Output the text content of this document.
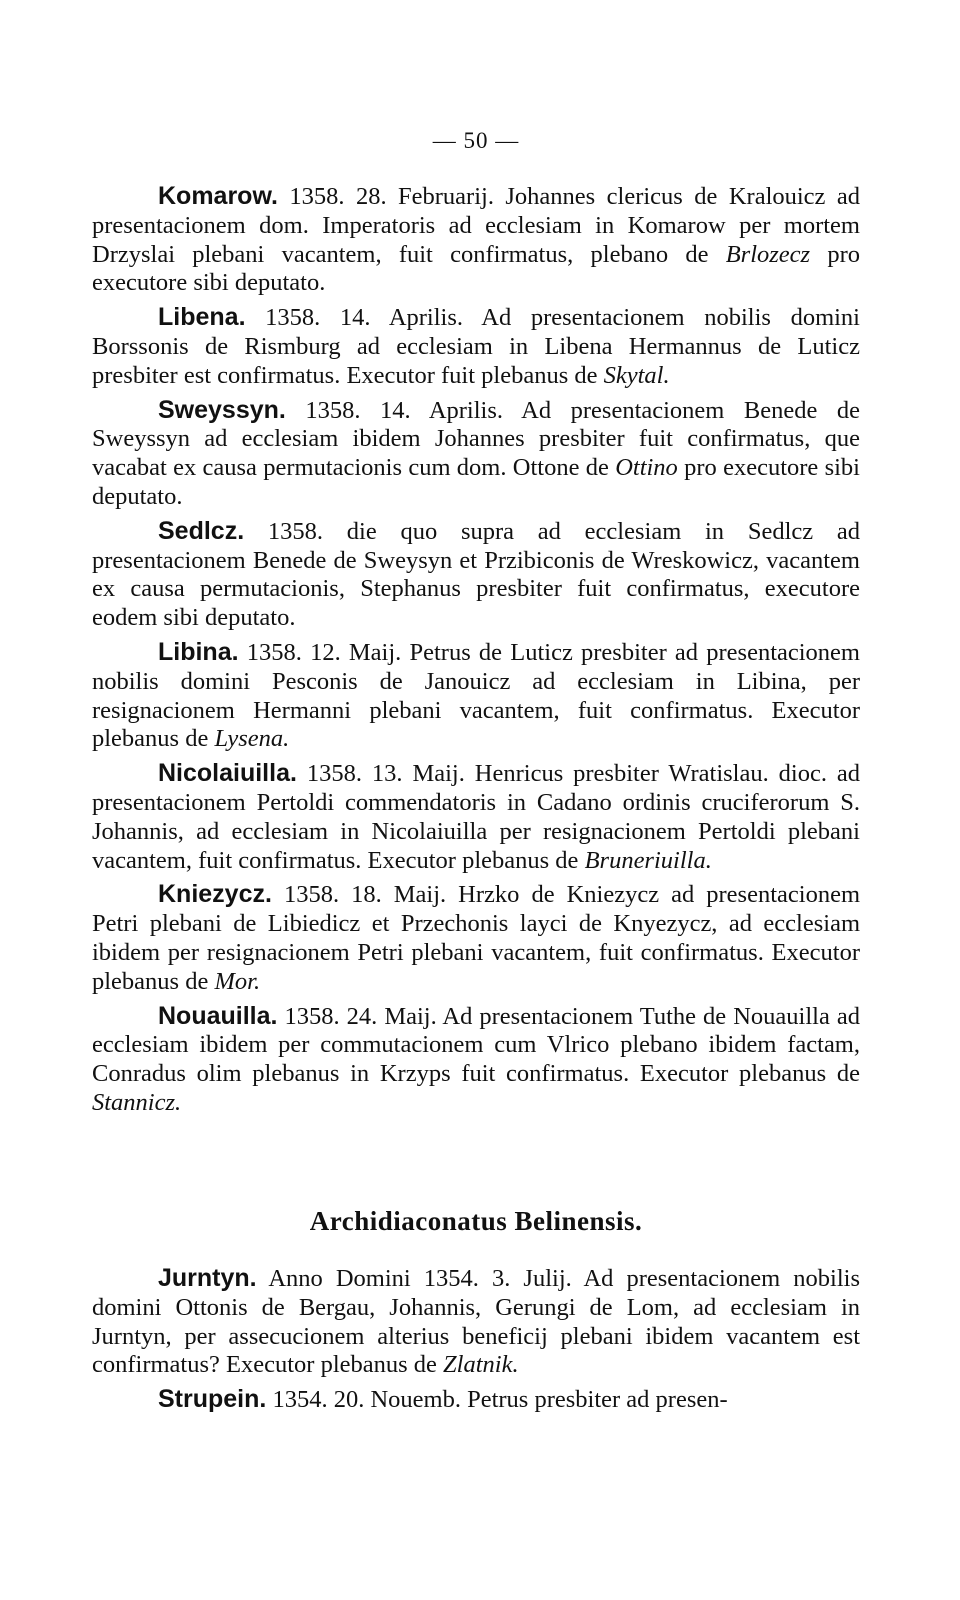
— 50 —

Komarow. 1358. 28. Februarij. Johannes clericus de Kralouicz ad presentacionem dom. Imperatoris ad ecclesiam in Komarow per mortem Drzyslai plebani vacantem, fuit confirmatus, plebano de Brlozecz pro executore sibi deputato.

Libena. 1358. 14. Aprilis. Ad presentacionem nobilis domini Borssonis de Rismburg ad ecclesiam in Libena Hermannus de Luticz presbiter est confirmatus. Executor fuit plebanus de Skytal.

Sweyssyn. 1358. 14. Aprilis. Ad presentacionem Benede de Sweyssyn ad ecclesiam ibidem Johannes presbiter fuit confirmatus, que vacabat ex causa permutacionis cum dom. Ottone de Ottino pro executore sibi deputato.

Sedlcz. 1358. die quo supra ad ecclesiam in Sedlcz ad presentacionem Benede de Sweysyn et Przibiconis de Wreskowicz, vacantem ex causa permutacionis, Stephanus presbiter fuit confirmatus, executore eodem sibi deputato.

Libina. 1358. 12. Maij. Petrus de Luticz presbiter ad presentacionem nobilis domini Pesconis de Janouicz ad ecclesiam in Libina, per resignacionem Hermanni plebani vacantem, fuit confirmatus. Executor plebanus de Lysena.

Nicolaiuilla. 1358. 13. Maij. Henricus presbiter Wratislau. dioc. ad presentacionem Pertoldi commendatoris in Cadano ordinis cruciferorum S. Johannis, ad ecclesiam in Nicolaiuilla per resignacionem Pertoldi plebani vacantem, fuit confirmatus. Executor plebanus de Bruneriuilla.

Kniezycz. 1358. 18. Maij. Hrzko de Kniezycz ad presentacionem Petri plebani de Libiedicz et Przechonis layci de Knyezycz, ad ecclesiam ibidem per resignacionem Petri plebani vacantem, fuit confirmatus. Executor plebanus de Mor.

Nouauilla. 1358. 24. Maij. Ad presentacionem Tuthe de Nouauilla ad ecclesiam ibidem per commutacionem cum Vlrico plebano ibidem factam, Conradus olim plebanus in Krzyps fuit confirmatus. Executor plebanus de Stannicz.

Archidiaconatus Belinensis.

Jurntyn. Anno Domini 1354. 3. Julij. Ad presentacionem nobilis domini Ottonis de Bergau, Johannis, Gerungi de Lom, ad ecclesiam in Jurntyn, per assecucionem alterius beneficij plebani ibidem vacantem est confirmatus? Executor plebanus de Zlatnik.

Strupein. 1354. 20. Nouemb. Petrus presbiter ad presen-
